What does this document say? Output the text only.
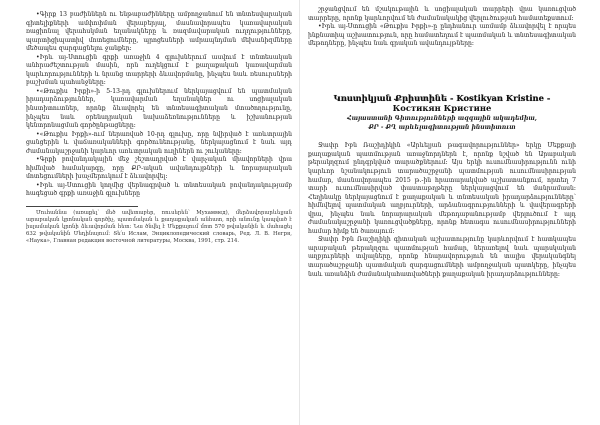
•Գիրք 13 բաժիններն ու ենթաբաժինները ամբողջանում են տնտեսվարական գիտելիքների ամփոփման վերաբերյալ, մասնավորապես կառավարական ռացիոնալ վերահսկման եղանակները և ռազմավարական ուղղությունները, պարտիցիպատիվ մոտեցումները, պրոցեսների ամրապնդման մեխանիզմները մեծապես զարգացնելու ջանքեր։

•Իրև այ-Ստուցին գրքի առաջին 4 գլուխներում ասվում է տնտեսական անհրաժեշտության մասին, որն ուղեկցում է քաղաքական կառավարման կարևորությունների և նրանց տարրերի ձևավորմանը, ինչպես նաև ռեսուրսների բաշխման պահանջները։

•«Թուքիս Իրքի»-ի 5-13-րդ գլուխներում ներկայացվում են պատմական իրադարձություններ, կառավարման եղանակներ ու սոցիալական ինստիտուտներ, որոնք ձևավորել են տնտեսագիտական մտածողությունը, ինչպես նաև օրենսդրական նախաձեռնությունները և իշխանության կենտրոնացման գործընթացները։

•«Թուքիս Իրքի»-ում ներառված 10-րդ գլուխը, որը նվիրված է առևտրային ցանցերին և վաճառականների գործունեությանը, ներկայացնում է նաև այդ ժամանակաշրջանի կարևոր առևտրական ուղիներն ու շուկաները։

•Գրքի բովանդակային մեջ շեշտադրված է վարչական միավորների վրա հիմնված համակարգը, որը ՔՐ-ական ավանդույթների և նորարարական մոտեցումների խաչմերուկում է ձևավորվել։

•Իրև այ-Ստուցին կողմից վերնագրված և տնտեսական բովանդակությամբ հագեցած գրքի առաջին գլուխները

Մուհաննա (առաքել՝ մեծ ավետաբեր, ռուսերեն՝ Мухаммед), մերձավորարևելյան արաբական կրոնական գործիչ, պատմական և քաղաքական անհատ, որի անունը կապված է իսլամական կրոնի ձևավորման հետ։ Նա ծնվել է Մեքքայում մոտ 570 թվականին և մահացել 632 թվականին Մեդինայում։ Տե՛ս Ислам, Энциклопедический словарь, Ред. Л. В. Негря, «Наука», Главная редакция восточной литературы, Москва, 1991, стр. 214.

շրջանցվում են մշակութային և սոցիալական տարրերի վրա կառուցված տարրերը, որոնք կարևորվում են ժամանակակից վերլուծության համատեքստում։

•Իրև այ-Ստուցին «Թուքիս Իրքի»-ը ընդհանուր առմամբ ձևավորվել է որպես ինքնատիպ աշխատություն, որը համատեղում է պատմական և տնտեսագիտական մեթոդները, ինչպես նաև գրական ավանդույթները։

Կոստիկյան Քրիստինե - Kostikyan Kristine -
Костикян Кристине
Հայաստանի Գիտությունների ազգային ակադեմիա,
ՔՐ - ՔՂ արևելագիտության ինստիտուտ

Ջափր Իբն Ռաշիդիկին «Արևելյան թագավորություններ» երկը Մեքքայի քաղաքական պատմության առաջնորդներն է, որոնք նշված են Արաբական թերակղզում ընդգրկված տարածքներում։ Այս երկի ուսումնասիրությունն ունի կարևոր նշանակություն տարածաշրջանի պատմության ուսումնասիրության համար, մասնավորապես 2015 թ.-ին հրատարակված աշխատանքում, որտեղ 7 տարի ուսումնասիրված փաստաթղթերը ներկայացվում են մանրամասն։ Հեղինակը ներկայացնում է քաղաքական և տնտեսական իրադարձությունները՝ հիմնվելով պատմական աղբյուրների, արձանագրությունների և վավերագրերի վրա, ինչպես նաև նորարարական մեթոդաբանությամբ վերլուծում է այդ ժամանակաշրջանի կառուցվածքները, որոնք հետագա ուսումնասիրությունների համար հիմք են ծառայում։

Ջափր Իբն Ռաշիդիկի գիտական աշխատությունը կարևորվում է հատկապես արաբական թերակղզու պատմության համար, ներառելով նաև պարսկական աղբյուրների տվյալները, որոնք հնարավորություն են տալիս վերականգնել տարածաշրջանի պատմական զարգացումների ամբողջական պատկերը, ինչպես նաև առանձին ժամանակահատվածների քաղաքական իրադարձությունները։
